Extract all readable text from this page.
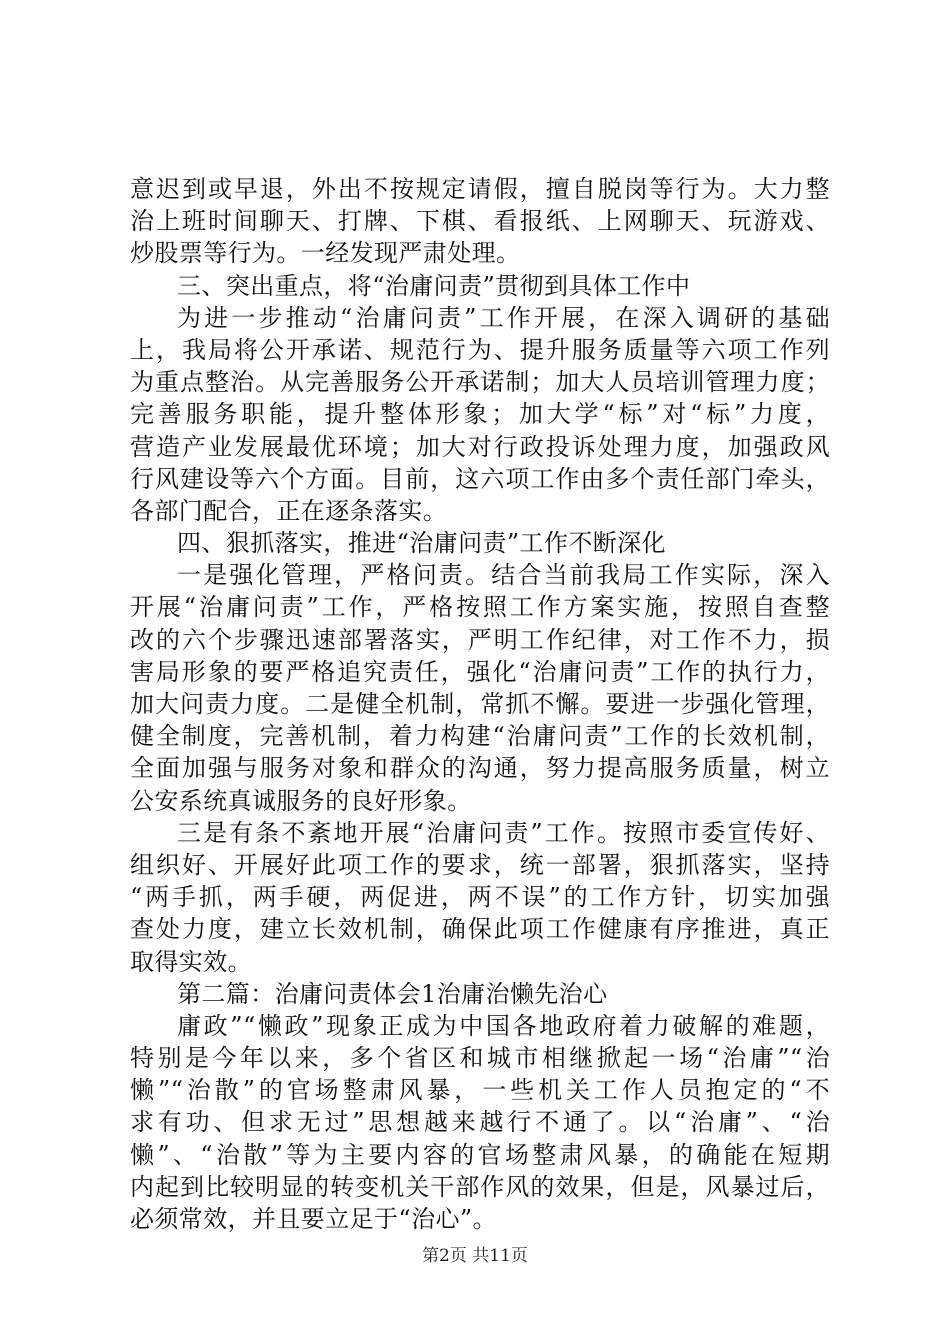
意迟到或早退，外出不按规定请假，擅自脱岗等行为。大力整
治上班时间聊天、打牌、下棋、看报纸、上网聊天、玩游戏、
炒股票等行为。一经发现严肃处理。
三、突出重点，将“治庸问责”贯彻到具体工作中
为进一步推动“治庸问责”工作开展，在深入调研的基础
上，我局将公开承诺、规范行为、提升服务质量等六项工作列
为重点整治。从完善服务公开承诺制；加大人员培训管理力度；
完善服务职能，提升整体形象；加大学“标”对“标”力度，
营造产业发展最优环境；加大对行政投诉处理力度，加强政风
行风建设等六个方面。目前，这六项工作由多个责任部门牵头，
各部门配合，正在逐条落实。
四、狠抓落实，推进“治庸问责”工作不断深化
一是强化管理，严格问责。结合当前我局工作实际，深入
开展“治庸问责”工作，严格按照工作方案实施，按照自查整
改的六个步骤迅速部署落实，严明工作纪律，对工作不力，损
害局形象的要严格追究责任，强化“治庸问责”工作的执行力，
加大问责力度。二是健全机制，常抓不懈。要进一步强化管理，
健全制度，完善机制，着力构建“治庸问责”工作的长效机制，
全面加强与服务对象和群众的沟通，努力提高服务质量，树立
公安系统真诚服务的良好形象。
三是有条不紊地开展“治庸问责”工作。按照市委宣传好、
组织好、开展好此项工作的要求，统一部署，狠抓落实，坚持
“两手抓，两手硬，两促进，两不误”的工作方针，切实加强
查处力度，建立长效机制，确保此项工作健康有序推进，真正
取得实效。
第二篇：治庸问责体会1治庸治懒先治心
庸政”“懒政”现象正成为中国各地政府着力破解的难题，
特别是今年以来，多个省区和城市相继掀起一场“治庸”“治
懒”“治散”的官场整肃风暴，一些机关工作人员抱定的“不
求有功、但求无过”思想越来越行不通了。以“治庸”、“治
懒”、“治散”等为主要内容的官场整肃风暴，的确能在短期
内起到比较明显的转变机关干部作风的效果，但是，风暴过后，
必须常效，并且要立足于“治心”。
第2页 共11页
